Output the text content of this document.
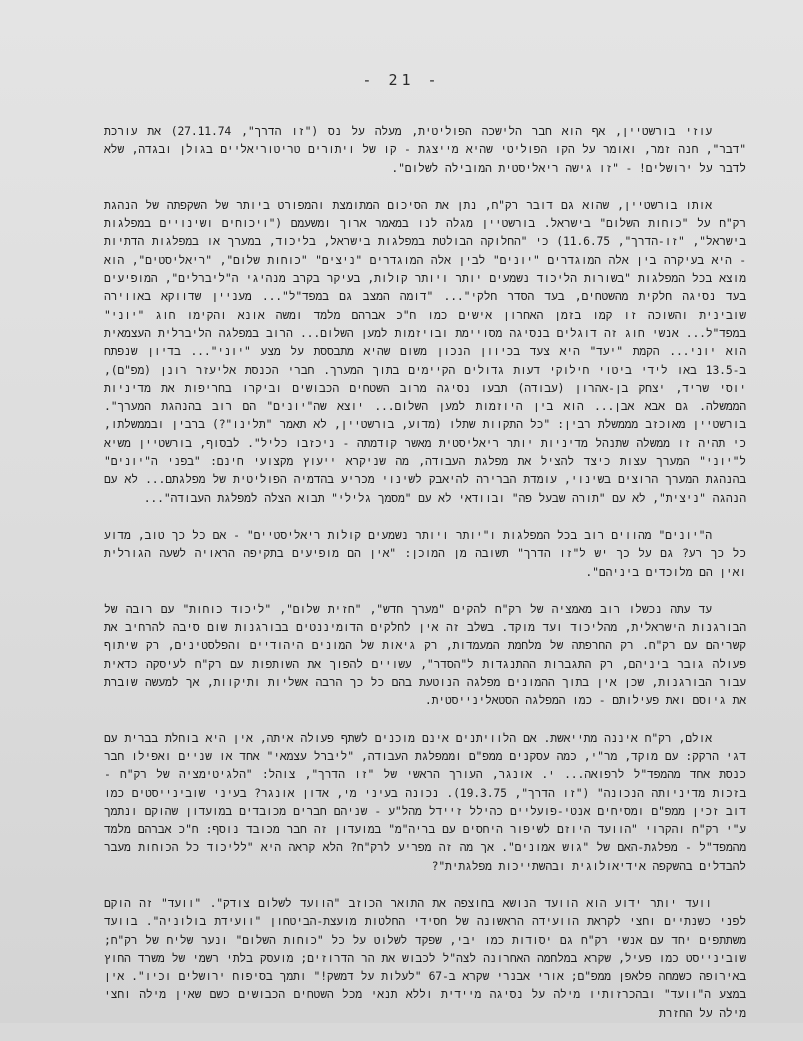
- 21 -

עוזי בורשטיין, אף הוא חבר הלישכה הפוליטית, מעלה על נס ("זו הדרך", 27.11.74) את עורכת "דבר", חנה זמר, ואומר על הקו הפוליטי שהיא מייצגת - קו של ויתורים טריטוריאליים בגולן ובגדה, שלא לדבר על ירושלים! - "זו גישה ריאליסטית המובילה לשלום".

אותו בורשטיין, שהוא גם דובר רק"ח, נתן את הסיכום המתומצת והמפורט ביותר של השקפתה של הנהגת רק"ח על "כוחות השלום" בישראל. בורשטיין מגלה לנו במאמר ארוך ומשעמם ("ויכוחים ושינויים במפלגות בישראל", "זו-הדרך", 11.6.75) כי "החלוקה הבולטת במפלגות בישראל, בליכוד, במערך או במפלגות הדתיות - היא בעיקרה בין אלה המוגדרים "יונים" לבין אלה המוגדרים "ניצים" "כוחות שלום", "ריאליסטים", הוא מוצא בכל המפלגות "בשורות הליכוד נשמעים יותר ויותר קולות, בעיקר בקרב מנהיגי ה"ליברלים", המופיעים בעד נסיגה חלקית מהשטחים, בעד הסדר חלקי"... "דומה המצב גם במפד"ל"... מעניין שדווקא באווירה שובינית והשוכה זו קמו בזמן האחרון אישים כמו ח"כ אברהם מלמד ומשה אונא והקימו חוג "יוני" במפד"ל... אנשי חוג זה דוגלים בנסיגה מסויימת ובויזמות למען השלום... הרוב במפלגה הליברלית העצמאית הוא יוני... הקמת "יעד" היא צעד בכיוון הנכון משום שהיא מתבססת על מצע "יוני"... בדיון שנפתח ב-13.5 באו לידי ביטוי חילוקי דעות גדולים הקיימים בתוך המערך. חברי הכנסת אליעזר רונן (מפ"ם), יוסי שריד, יצחק בן-אהרון (עבודה) תבעו נסיגה מרוב השטחים הכבושים וביקרו בחריפות את מדיניות הממשלה. גם אבא אבן... הוא בין היוזמות למען השלום... יוצא שה"יונים" הם רוב בהנהגת המערך". בורשטיין מאוכזב מממשלת רבין: "כל התקוות שתלו (מדוע, בורשטיין, לא תאמר "תלינו"?) ברבין ובממשלתו, כי תהיה זו ממשלה שתנהל מדיניות יותר ריאליסטית מאשר קודמתה - ניכזבו כליל". לבסוף, בורשטיין משיא ל"יוני" המערך עצות כיצד להציל את מפלגת העבודה, מה שניקרא ייעוץ מקצועי חינם: "בפני ה"יונים" בהנהגת המערך הרוצים בשינוי, עומדת הברירה להיאבק לשינוי מכריע בהדמיה הפוליטית של מפלגתם... לא עם הנהגה "ניצית", לא עם "תורה שבעל פה" ובוודאי לא עם "מסמך גלילי" תבוא הצלה למפלגת העבודה"...

ה"יונים" מהווים רוב בכל המפלגות ו"יותר ויותר נשמעים קולות ריאליסטיים" - אם כל כך טוב, מדוע כל כך רע? גם על כך יש ל"זו הדרך" תשובה מן המוכן: "אין הם מופיעים בתקיפה הראויה לשעה הגורלית ואין הם מלוכדים ביניהם".

עד עתה נכשלו רוב מאמציה של רק"ח להקים "מערך חדש", "חזית שלום", "ליכוד כוחות" עם רובה של הבורגנות הישראלית, מהליכוד ועד מוקד. בשלב זה אין לחלקים הדומיננטים בבורגנות שום סיבה להרחיב את קשריהם עם רק"ח. רק החרפתה של מלחמת המעמדות, רק גיאות של המונים היהודיים והפלסטינים, רק שיתוף פעולה גובר ביניהם, רק התגברות ההתנגדות ל"הסדר", עשויים להפוך את השותפות עם רק"ח לעיסקה כדאית עבור הבורגנות, שכן אין בתוך ההמונים מפלגה הנוטעת בהם כל כך הרבה אשליות ותיקוות, אך למעשה שוברת את גיוסם ואת פעילותם - כמו המפלגה הסטאלינייסטית.

אולם, רק"ח איננה מתייאשת. אם הלוויתנים אינם מוכנים לשתף פעולה איתה, אין היא בוחלת בברית עם דגי הרקק: עם מוקד, מר"י, כמה עסקנים ממפ"ם וממפלגת העבודה, "ליברל עצמאי" אחד או שניים ואפילו חבר כנסת אחד מהמפד"ל לרפואה... י. אונגר, העורך הראשי של "זו הדרך", צוהל: "הלגיטימציה של רק"ח - בזכות מדיניותה הנכונה" ("זו הדרך", 19.3.75). נכונה בעיני מי, אדון אונגר? בעיני שובינייסטים כמו דוב זכין ממפ"ם ומסיחים אנטי-פועליים כהילל זיידל מהל"ע - שניהם חברים מכובדים במועדון שהוקם ונתמך ע"י רק"ח והקרוי "הוועד היוזם לשיפור היחסים עם בריה"מ" במועדון זה חבר מכובד נוסף: ח"כ אברהם מלמד מהמפד"ל - מפלגת-האם של "גוש אמונים". אך מה זה מפריע לרק"ח? הלא קראה היא "לליכוד כל הכוחות מעבר להבדלים בהשקפה אידיאולוגית ובהשתייכות מפלגתית"?

וועד יותר ידוע הוא הוועד הנושא בחוצפה את התואר הכוזב "הוועד לשלום צודק". "וועד" זה הוקם לפני כשנתיים וחצי לקראת הוועידה הראשונה של חסידי החלטות מועצת-הביטחון "וועידת בולוניה". בוועד משתתפים יחד עם אנשי רק"ח גם יסודות כמו יבי, שפקד לשלוט על כל "כוחות השלום" ונער שליח של רק"ח; שובינייסט כמו פעיל, שקרא במלחמה האחרונה לצה"ל לכבוש את הר הדרוזים; מועסק בלתי רשמי של משרד החוץ באירופה כשמחה פלאפן ממפ"ם; אורי אבנרי שקרא ב-67 "לעלות על דמשק!" ותמך בסיפוח ירושלים וכיו". אין במצע ה"וועד" ובהכרזותיו מילה על נסיגה מיידית וללא תנאי מכל השטחים הכבושים כשם שאין מילה וחצי מילה על החזרת
